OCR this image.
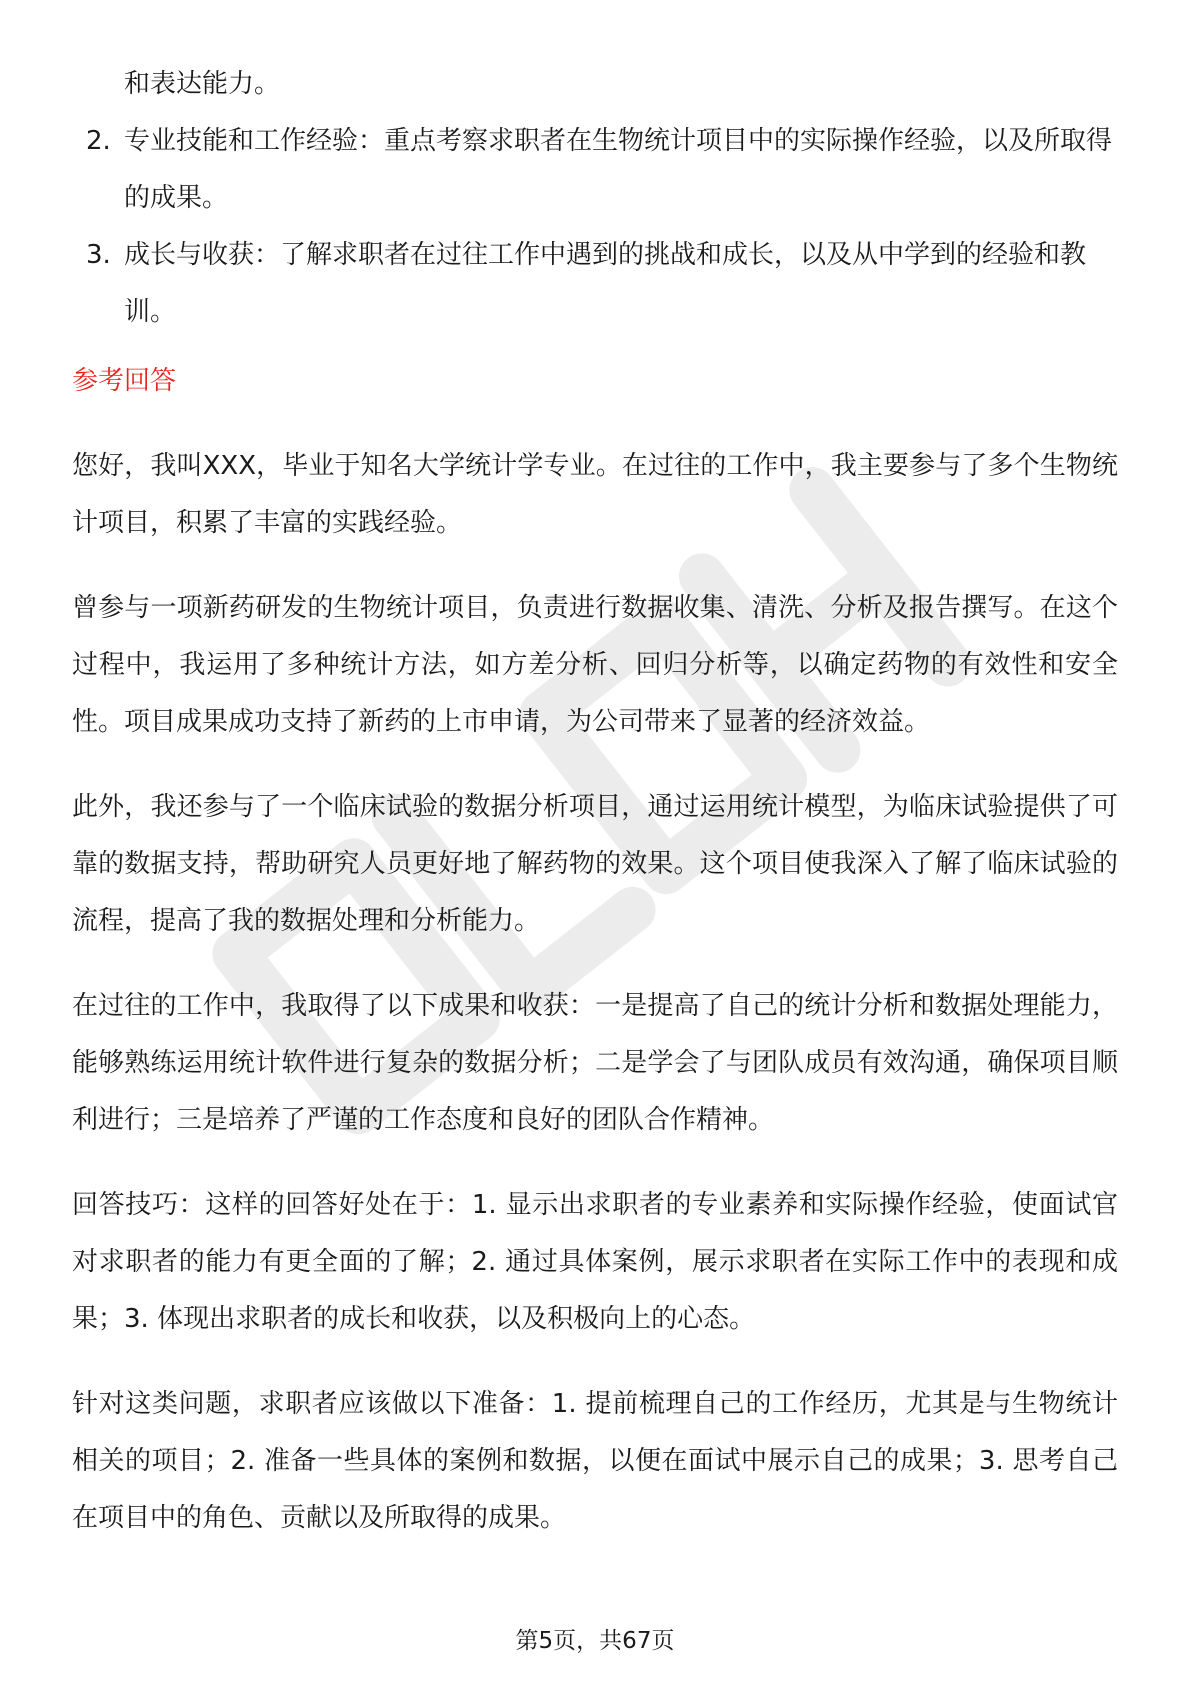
和表达能力。
2. 专业技能和工作经验：重点考察求职者在生物统计项目中的实际操作经验，以及所取得的成果。
3. 成长与收获：了解求职者在过往工作中遇到的挑战和成长，以及从中学到的经验和教训。
参考回答

您好，我叫XXX，毕业于知名大学统计学专业。在过往的工作中，我主要参与了多个生物统计项目，积累了丰富的实践经验。

曾参与一项新药研发的生物统计项目，负责进行数据收集、清洗、分析及报告撰写。在这个过程中，我运用了多种统计方法，如方差分析、回归分析等，以确定药物的有效性和安全性。项目成果成功支持了新药的上市申请，为公司带来了显著的经济效益。

此外，我还参与了一个临床试验的数据分析项目，通过运用统计模型，为临床试验提供了可靠的数据支持，帮助研究人员更好地了解药物的效果。这个项目使我深入了解了临床试验的流程，提高了我的数据处理和分析能力。

在过往的工作中，我取得了以下成果和收获：一是提高了自己的统计分析和数据处理能力，能够熟练运用统计软件进行复杂的数据分析；二是学会了与团队成员有效沟通，确保项目顺利进行；三是培养了严谨的工作态度和良好的团队合作精神。

回答技巧：这样的回答好处在于：1. 显示出求职者的专业素养和实际操作经验，使面试官对求职者的能力有更全面的了解；2. 通过具体案例，展示求职者在实际工作中的表现和成果；3. 体现出求职者的成长和收获，以及积极向上的心态。

针对这类问题，求职者应该做以下准备：1. 提前梳理自己的工作经历，尤其是与生物统计相关的项目；2. 准备一些具体的案例和数据，以便在面试中展示自己的成果；3. 思考自己在项目中的角色、贡献以及所取得的成果。

第5页，共67页
